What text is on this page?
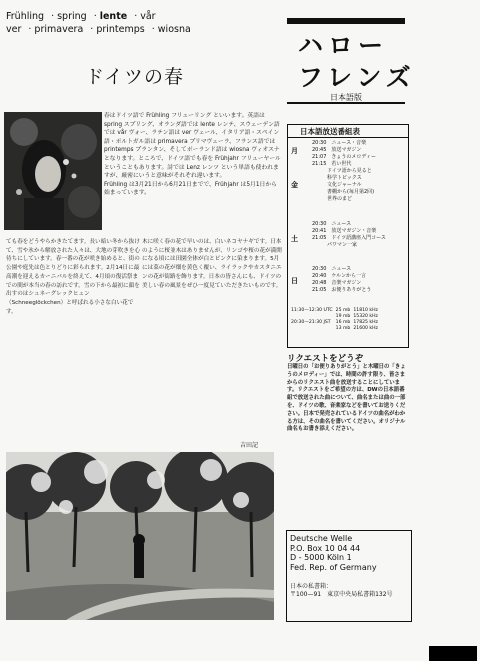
Frühling · spring · lente · vår
ver · primavera · printemps · wiosna
ドイツの春
ハロー
フレンズ
日本語版

春はドイツ語で Frühling フリューリング といいます。英語は spring スプリング、オランダ語では lente レンテ、スウェーデン語では vår ヴォー、ラテン語は ver ヴェール、イタリア語・スペイン語・ポルトガル語は primavera プリマヴェーラ、フランス語では printemps プランタン、そしてポーランド語は wiosna ヴィオスナとなります。ところで、ドイツ語でも春を Frühjahr フリューヤールということもあります。詩では Lenz レンツ という単語も使われますが、厳密にいうと意味がそれぞれ違います。

Frühling は3月21日から6月21日までで、Frühjahr は5月1日から始まっています。

ても春をどうやらかきたてます。長い暗い冬から抜けて、雪や氷から解放された人々は、大地の芽吹きを心待ちにしています。春一番の花が咲き始めると、街の公園や庭先は色とりどりに彩られます。2月14日に最高潮を迎えるカーニバルを終えて、4月頃の復活祭までの間が本当の春の訪れです。雪の下から最初に顔を出すのはシュネーグレックヒェン（Schneeglöckchen）と呼ばれる小さな白い花です。

木に咲く春の花で早いのは、白いネコヤナギです。日本のように桜並木はありませんが、リンゴや桜の花が満開になる頃には田園全体が白とピンクに染まります。5月には菜の花が畑を黄色く覆い、ライラックやカスタニエンの花が街路を飾ります。日本の皆さんにも、ドイツの美しい春の風景をぜひ一度見ていただきたいものです。

吉田記
日本語放送番組表
月
金
20:30　ニュース・音楽
20:45　放送マガジン
21:07　きょうのメロディー
21:15　若い世代
　　　ドイツ語から見ると
　　　科学トピックス
　　　文化ジャーナル
　　　書棚から(毎月第2回)
　　　世界のまど
土
20:30　ニュース
20:41　放送マガジン・音楽
21:05　ドイツ語講座入門コース
　　　パワマン一家
日
20:30　ニュース
20:40　ケルンから一言
20:48　音楽マガジン
21:05　お便りありがとう
11:30—12:30 UTC	25 mb	11810 kHz
	19 mb	15320 kHz
20:30—21:30 JST	16 mb	17825 kHz
	13 mb	21600 kHz
リクエストをどうぞ
日曜日の「お便りありがとう」と木曜日の「きょうのメロディー」では、時間の許す限り、皆さまからのリクエスト曲を放送することにしています。リクエストをご希望の方は、DWの日本語番組で放送された曲について、曲名または曲の一部を、ドイツの歌、音楽家などを書いてお送りください。日本で発売されているドイツの曲名がわかる方は、その曲名を書いてください。オリジナル曲名もお書き添えください。
Deutsche Welle
P.O. Box 10 04 44
D - 5000 Köln 1
Fed. Rep. of Germany
日本の私書箱：
〒100—91　東京中央局私書箱132号
